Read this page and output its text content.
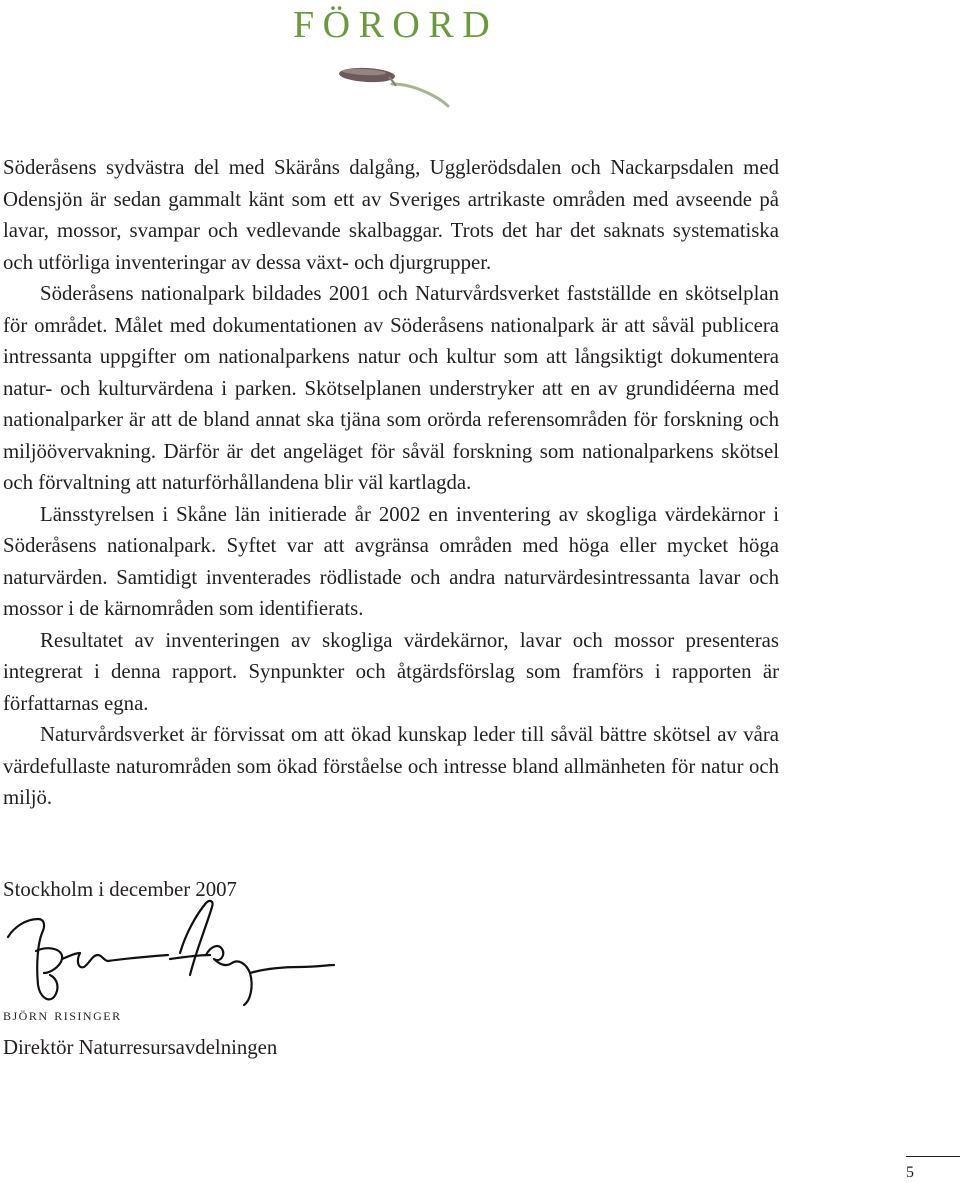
FÖRORD

Söderåsens sydvästra del med Skäråns dalgång, Ugglerödsdalen och Nackarpsdalen med Odensjön är sedan gammalt känt som ett av Sveriges artrikaste områden med avseende på lavar, mossor, svampar och vedlevande skalbaggar. Trots det har det saknats systematiska och utförliga inventeringar av dessa växt- och djurgrupper.

Söderåsens nationalpark bildades 2001 och Naturvårdsverket fastställde en skötselplan för området. Målet med dokumentationen av Söderåsens nationalpark är att såväl publicera intressanta uppgifter om nationalparkens natur och kultur som att långsiktigt dokumentera natur- och kulturvärdena i parken. Skötselplanen understryker att en av grundidéerna med nationalparker är att de bland annat ska tjäna som orörda referensområden för forskning och miljöövervakning. Därför är det angeläget för såväl forskning som nationalparkens skötsel och förvaltning att naturförhållandena blir väl kartlagda.

Länsstyrelsen i Skåne län initierade år 2002 en inventering av skogliga värdekärnor i Söderåsens nationalpark. Syftet var att avgränsa områden med höga eller mycket höga naturvärden. Samtidigt inventerades rödlistade och andra naturvärdesintressanta lavar och mossor i de kärnområden som identifierats.

Resultatet av inventeringen av skogliga värdekärnor, lavar och mossor presenteras integrerat i denna rapport. Synpunkter och åtgärdsförslag som framförs i rapporten är författarnas egna.

Naturvårdsverket är förvissat om att ökad kunskap leder till såväl bättre skötsel av våra värdefullaste naturområden som ökad förståelse och intresse bland allmänheten för natur och miljö.

Stockholm i december 2007

björn risinger

Direktör Naturresursavdelningen

5
